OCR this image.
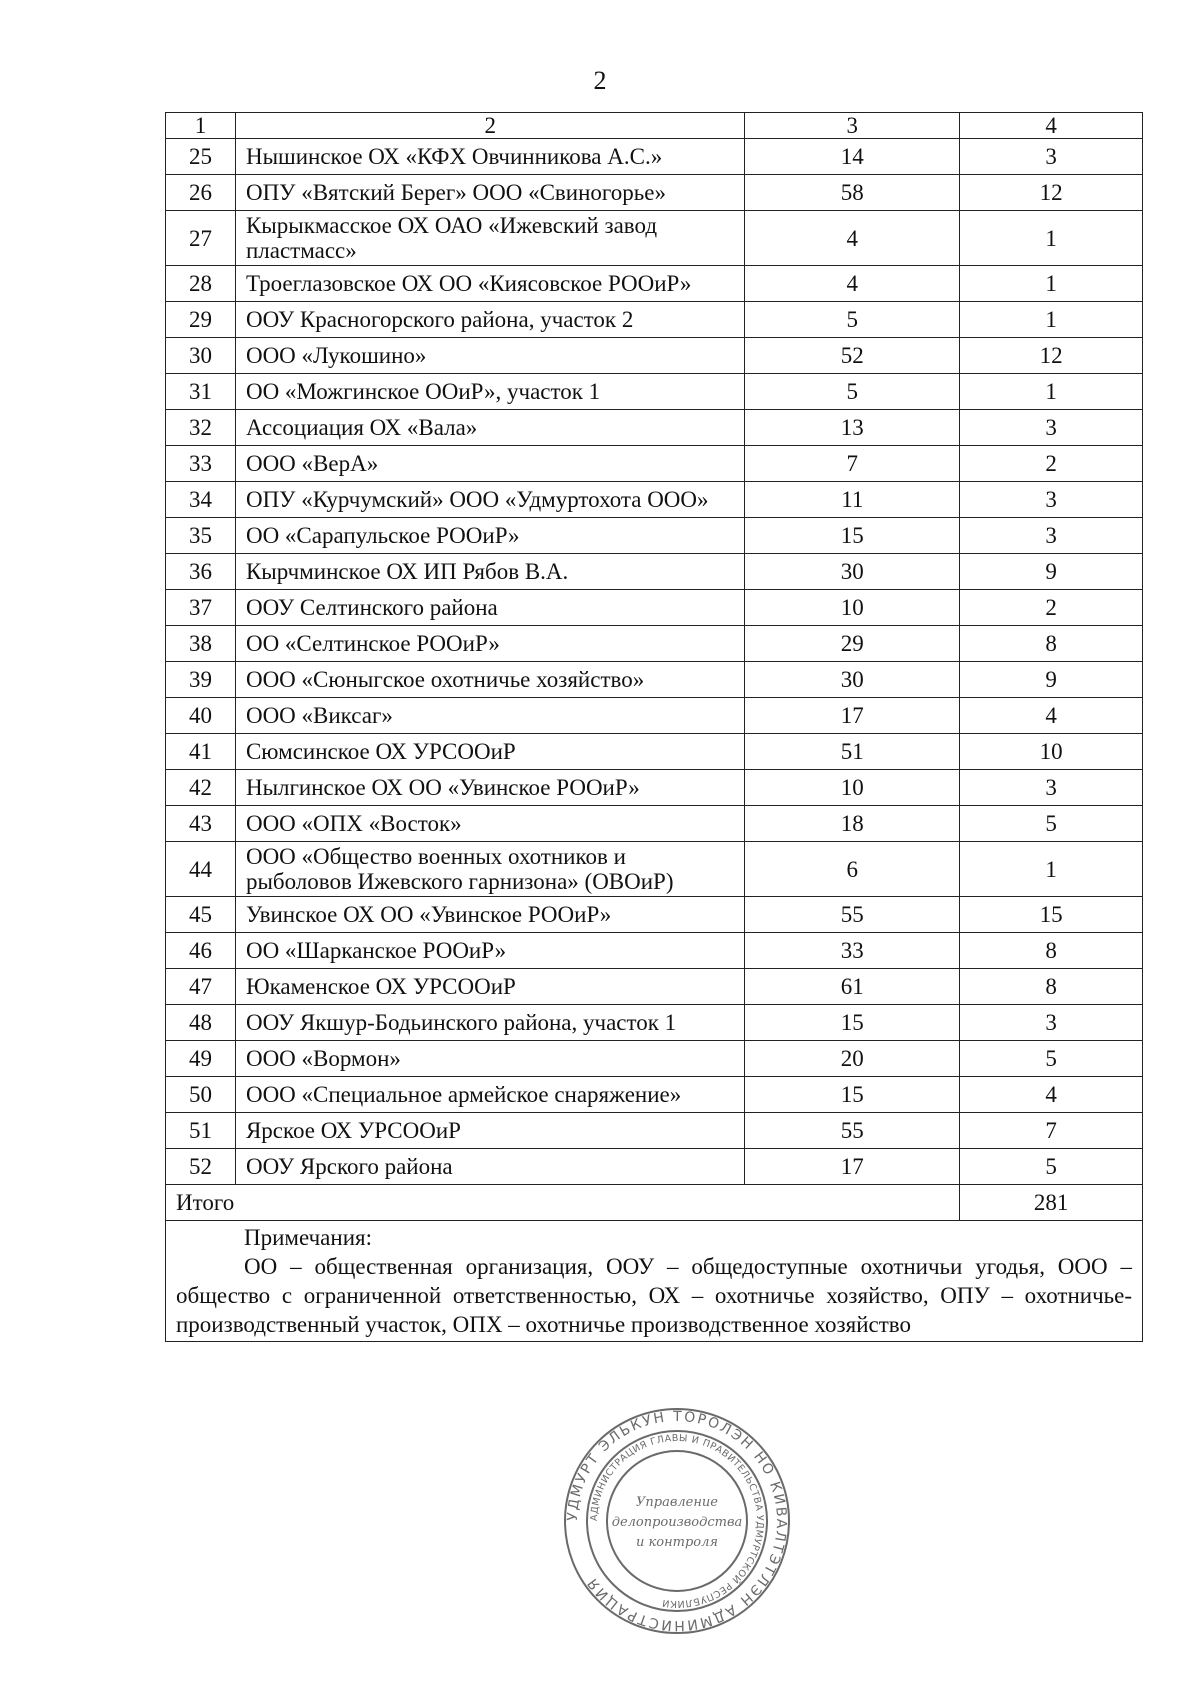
2
1	2	3	4
25	Нышинское ОХ «КФХ Овчинникова А.С.»	14	3
26	ОПУ «Вятский Берег» ООО «Свиногорье»	58	12
27	Кырыкмасское ОХ ОАО «Ижевский завод пластмасс»	4	1
28	Троеглазовское ОХ ОО «Киясовское РООиР»	4	1
29	ООУ Красногорского района, участок 2	5	1
30	ООО «Лукошино»	52	12
31	ОО «Можгинское ООиР», участок 1	5	1
32	Ассоциация ОХ «Вала»	13	3
33	ООО «ВерА»	7	2
34	ОПУ «Курчумский» ООО «Удмуртохота ООО»	11	3
35	ОО «Сарапульское РООиР»	15	3
36	Кырчминское ОХ ИП Рябов В.А.	30	9
37	ООУ Селтинского района	10	2
38	ОО «Селтинское РООиР»	29	8
39	ООО «Сюныгское охотничье хозяйство»	30	9
40	ООО «Виксаг»	17	4
41	Сюмсинское ОХ УРСООиР	51	10
42	Нылгинское ОХ ОО «Увинское РООиР»	10	3
43	ООО «ОПХ «Восток»	18	5
44	ООО «Общество военных охотников и рыболовов Ижевского гарнизона» (ОВОиР)	6	1
45	Увинское ОХ ОО «Увинское РООиР»	55	15
46	ОО «Шарканское РООиР»	33	8
47	Юкаменское ОХ УРСООиР	61	8
48	ООУ Якшур-Бодьинского района, участок 1	15	3
49	ООО «Вормон»	20	5
50	ООО «Специальное армейское снаряжение»	15	4
51	Ярское ОХ УРСООиР	55	7
52	ООУ Ярского района	17	5
Итого			281

Примечания:
ОО – общественная организация, ООУ – общедоступные охотничьи угодья, ООО – общество с ограниченной ответственностью, ОХ – охотничье хозяйство, ОПУ – охотничье-производственный участок, ОПХ – охотничье производственное хозяйство			
УДМУРТ ЭЛЬКУН ТОРОЛЭН НО КИВАЛТЭТЛЭН АДМИНИСТРАЦИЯ
АДМИНИСТРАЦИЯ ГЛАВЫ И ПРАВИТЕЛЬСТВА УДМУРТСКОЙ РЕСПУБЛИКИ
Управление
делопроизводства
и контроля
